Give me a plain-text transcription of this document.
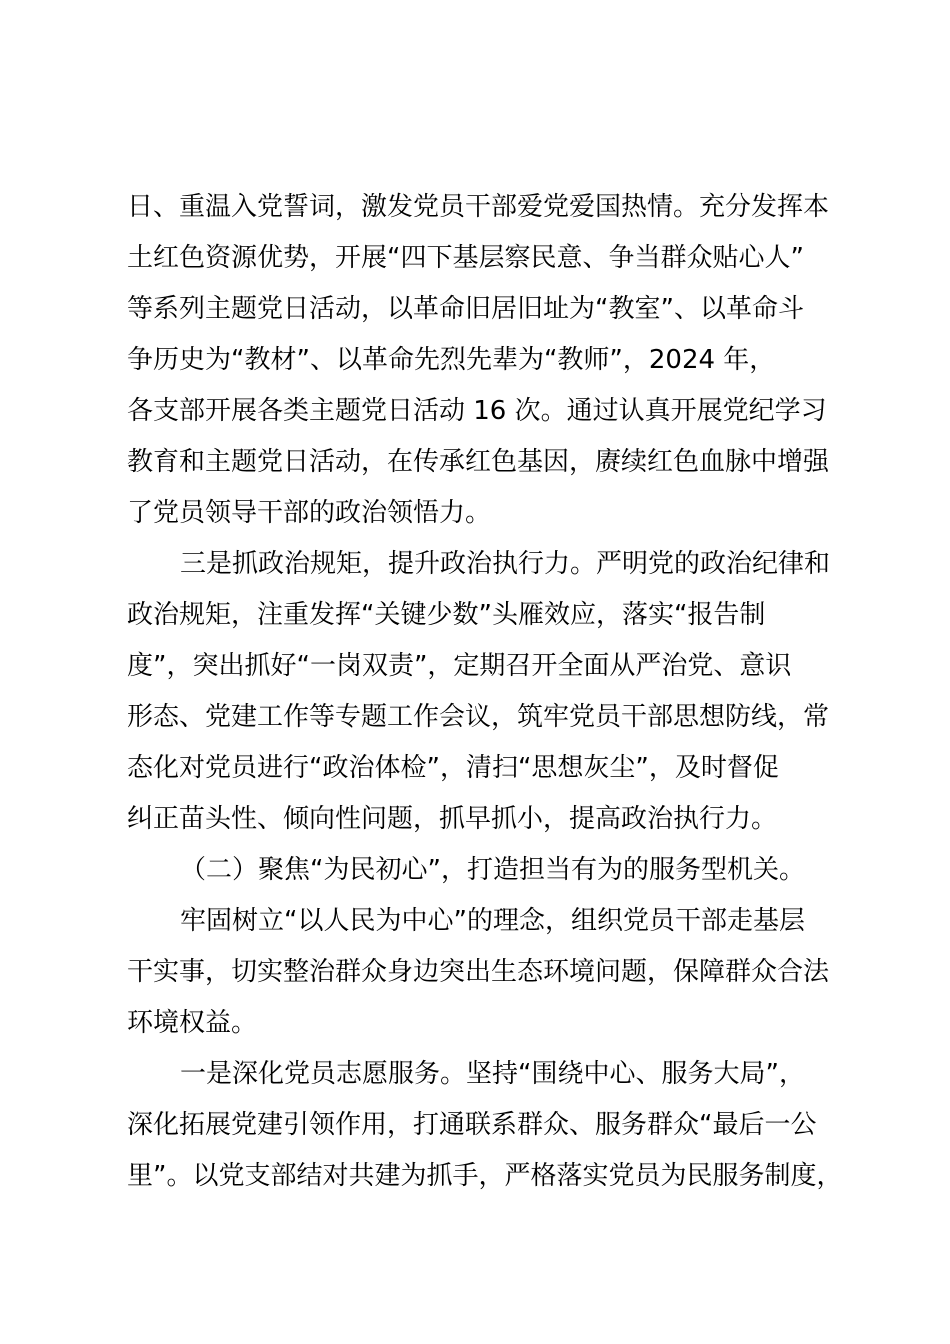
日、重温入党誓词，激发党员干部爱党爱国热情。充分发挥本
土红色资源优势，开展“四下基层察民意、争当群众贴心人”
等系列主题党日活动，以革命旧居旧址为“教室”、以革命斗
争历史为“教材”、以革命先烈先辈为“教师”，2024 年，
各支部开展各类主题党日活动 16 次。通过认真开展党纪学习
教育和主题党日活动，在传承红色基因，赓续红色血脉中增强
了党员领导干部的政治领悟力。
三是抓政治规矩，提升政治执行力。严明党的政治纪律和
政治规矩，注重发挥“关键少数”头雁效应，落实“报告制
度”，突出抓好“一岗双责”，定期召开全面从严治党、意识
形态、党建工作等专题工作会议，筑牢党员干部思想防线，常
态化对党员进行“政治体检”，清扫“思想灰尘”，及时督促
纠正苗头性、倾向性问题，抓早抓小，提高政治执行力。
（二）聚焦“为民初心”，打造担当有为的服务型机关。
牢固树立“以人民为中心”的理念，组织党员干部走基层
干实事，切实整治群众身边突出生态环境问题，保障群众合法
环境权益。
一是深化党员志愿服务。坚持“围绕中心、服务大局”，
深化拓展党建引领作用，打通联系群众、服务群众“最后一公
里”。以党支部结对共建为抓手，严格落实党员为民服务制度，
